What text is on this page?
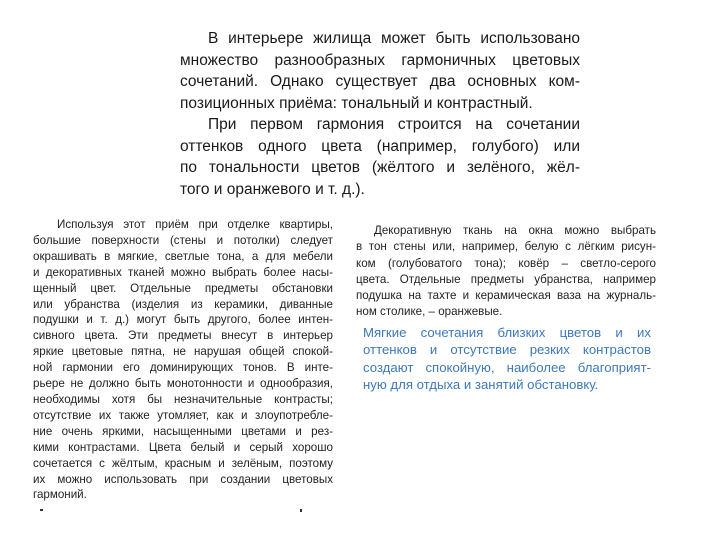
В интерьере жилища может быть использовано
множество разнообразных гармоничных цветовых
сочетаний. Однако существует два основных ком-
позиционных приёма: тональный и контрастный.
При первом гармония строится на сочетании
оттенков одного цвета (например, голубого) или
по тональности цветов (жёлтого и зелёного, жёл-
того и оранжевого и т. д.).
Используя этот приём при отделке квартиры,
большие поверхности (стены и потолки) следует
окрашивать в мягкие, светлые тона, а для мебели
и декоративных тканей можно выбрать более насы-
щенный цвет. Отдельные предметы обстановки
или убранства (изделия из керамики, диванные
подушки и т. д.) могут быть другого, более интен-
сивного цвета. Эти предметы внесут в интерьер
яркие цветовые пятна, не нарушая общей спокой-
ной гармонии его доминирующих тонов. В инте-
рьере не должно быть монотонности и однообразия,
необходимы хотя бы незначительные контрасты;
отсутствие их также утомляет, как и злоупотребле-
ние очень яркими, насыщенными цветами и рез-
кими контрастами. Цвета белый и серый хорошо
сочетается с жёлтым, красным и зелёным, поэтому
их можно использовать при создании цветовых
гармоний.
Декоративную ткань на окна можно выбрать
в тон стены или, например, белую с лёгким рисун-
ком (голубоватого тона); ковёр – светло-серого
цвета. Отдельные предметы убранства, например
подушка на тахте и керамическая ваза на журналь-
ном столике, – оранжевые.
Мягкие сочетания близких цветов и их
оттенков и отсутствие резких контрастов
создают спокойную, наиболее благоприят-
ную для отдыха и занятий обстановку.
